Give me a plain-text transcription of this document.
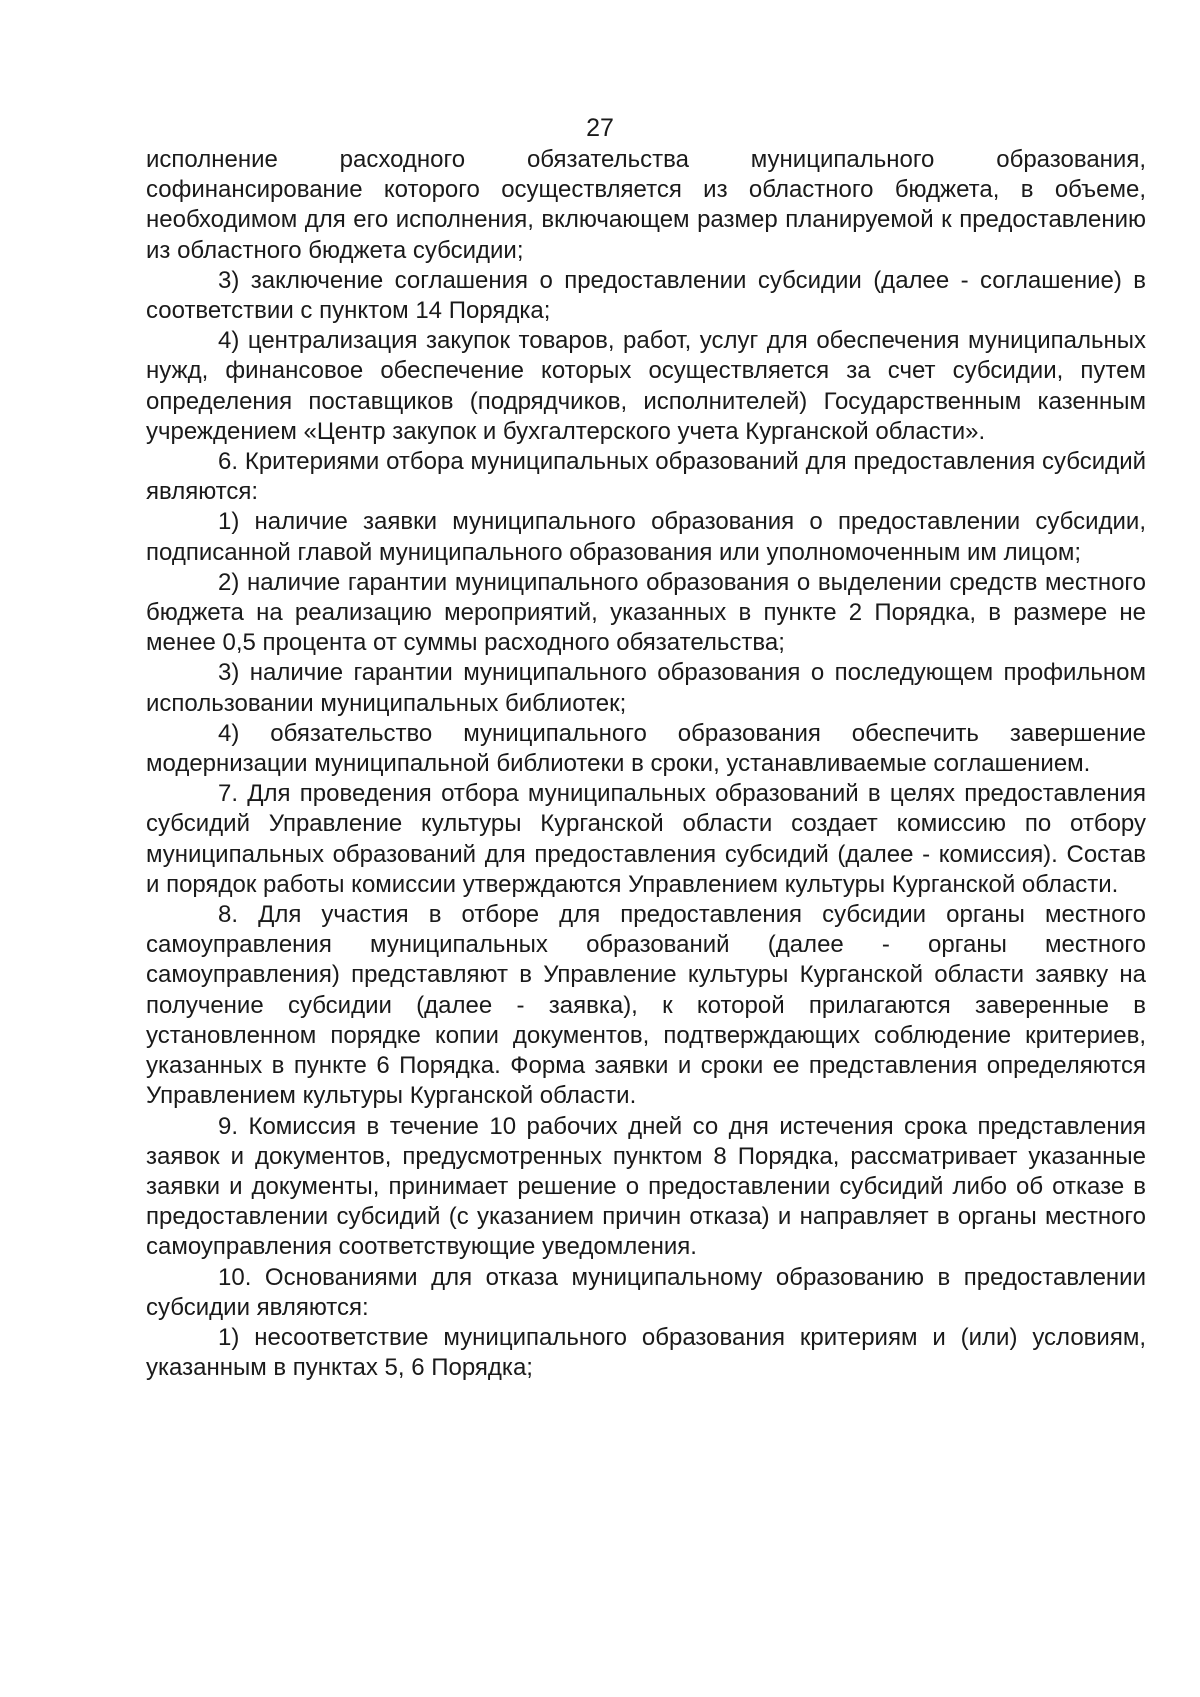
27

исполнение расходного обязательства муниципального образования, софинансирование которого осуществляется из областного бюджета, в объеме, необходимом для его исполнения, включающем размер планируемой к предоставлению из областного бюджета субсидии;

3) заключение соглашения о предоставлении субсидии (далее - соглашение) в соответствии с пунктом 14 Порядка;

4) централизация закупок товаров, работ, услуг для обеспечения муниципальных нужд, финансовое обеспечение которых осуществляется за счет субсидии, путем определения поставщиков (подрядчиков, исполнителей) Государственным казенным учреждением «Центр закупок и бухгалтерского учета Курганской области».

6. Критериями отбора муниципальных образований для предоставления субсидий являются:

1) наличие заявки муниципального образования о предоставлении субсидии, подписанной главой муниципального образования или уполномоченным им лицом;

2) наличие гарантии муниципального образования о выделении средств местного бюджета на реализацию мероприятий, указанных в пункте 2 Порядка, в размере не менее 0,5 процента от суммы расходного обязательства;

3) наличие гарантии муниципального образования о последующем профильном использовании муниципальных библиотек;

4) обязательство муниципального образования обеспечить завершение модернизации муниципальной библиотеки в сроки, устанавливаемые соглашением.

7. Для проведения отбора муниципальных образований в целях предоставления субсидий Управление культуры Курганской области создает комиссию по отбору муниципальных образований для предоставления субсидий (далее - комиссия). Состав и порядок работы комиссии утверждаются Управлением культуры Курганской области.

8. Для участия в отборе для предоставления субсидии органы местного самоуправления муниципальных образований (далее - органы местного самоуправления) представляют в Управление культуры Курганской области заявку на получение субсидии (далее - заявка), к которой прилагаются заверенные в установленном порядке копии документов, подтверждающих соблюдение критериев, указанных в пункте 6 Порядка. Форма заявки и сроки ее представления определяются Управлением культуры Курганской области.

9. Комиссия в течение 10 рабочих дней со дня истечения срока представления заявок и документов, предусмотренных пунктом 8 Порядка, рассматривает указанные заявки и документы, принимает решение о предоставлении субсидий либо об отказе в предоставлении субсидий (с указанием причин отказа) и направляет в органы местного самоуправления соответствующие уведомления.

10. Основаниями для отказа муниципальному образованию в предоставлении субсидии являются:

1) несоответствие муниципального образования критериям и (или) условиям, указанным в пунктах 5, 6 Порядка;
